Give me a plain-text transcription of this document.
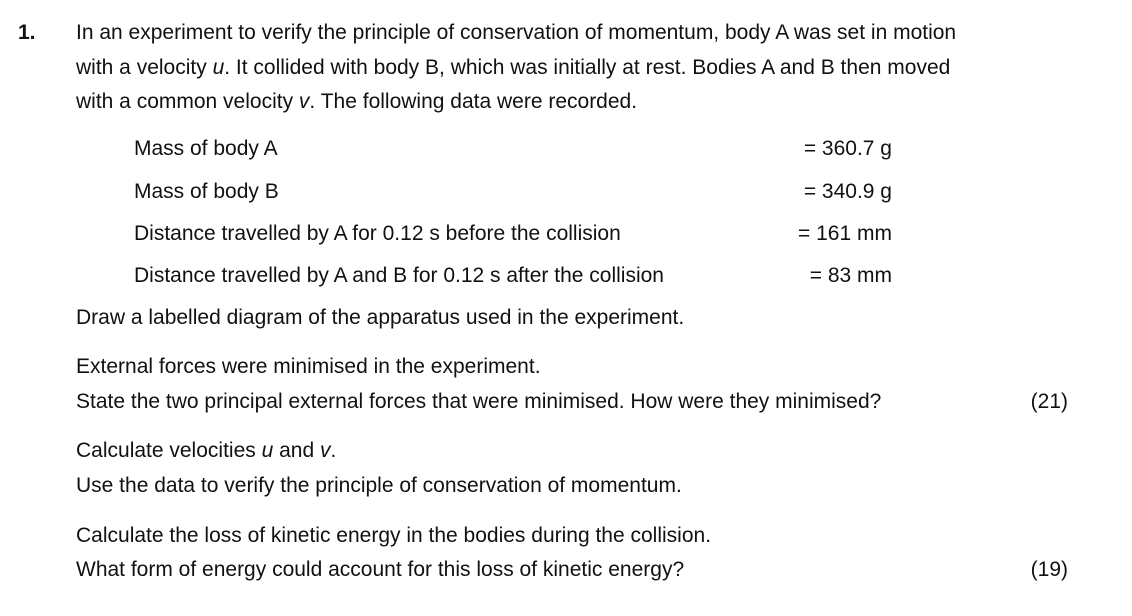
1. In an experiment to verify the principle of conservation of momentum, body A was set in motion
with a velocity u. It collided with body B, which was initially at rest. Bodies A and B then moved
with a common velocity v. The following data were recorded.
Mass of body A	= 360.7 g
Mass of body B	= 340.9 g
Distance travelled by A for 0.12 s before the collision	= 161 mm
Distance travelled by A and B for 0.12 s after the collision	= 83 mm
Draw a labelled diagram of the apparatus used in the experiment.
External forces were minimised in the experiment.
State the two principal external forces that were minimised. How were they minimised?	(21)
Calculate velocities u and v.
Use the data to verify the principle of conservation of momentum.
Calculate the loss of kinetic energy in the bodies during the collision.
What form of energy could account for this loss of kinetic energy?	(19)
